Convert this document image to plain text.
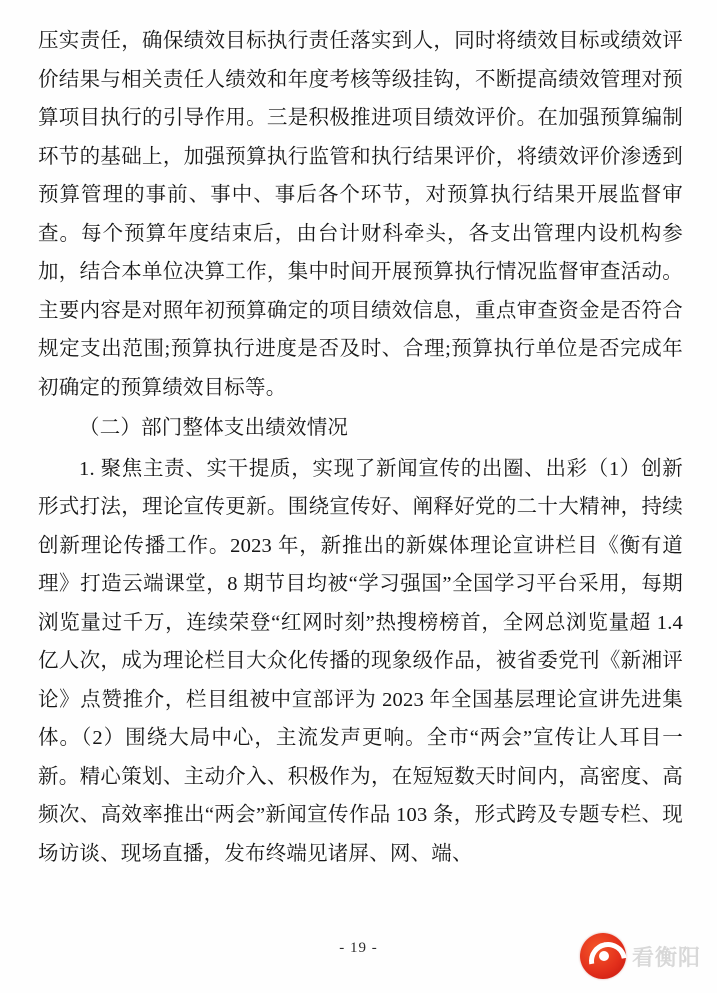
压实责任，确保绩效目标执行责任落实到人，同时将绩效目标或绩效评价结果与相关责任人绩效和年度考核等级挂钩，不断提高绩效管理对预算项目执行的引导作用。三是积极推进项目绩效评价。在加强预算编制环节的基础上，加强预算执行监管和执行结果评价，将绩效评价渗透到预算管理的事前、事中、事后各个环节，对预算执行结果开展监督审查。每个预算年度结束后，由台计财科牵头，各支出管理内设机构参加，结合本单位决算工作，集中时间开展预算执行情况监督审查活动。主要内容是对照年初预算确定的项目绩效信息，重点审查资金是否符合规定支出范围;预算执行进度是否及时、合理;预算执行单位是否完成年初确定的预算绩效目标等。

（二）部门整体支出绩效情况

1. 聚焦主责、实干提质，实现了新闻宣传的出圈、出彩（1）创新形式打法，理论宣传更新。围绕宣传好、阐释好党的二十大精神，持续创新理论传播工作。2023 年，新推出的新媒体理论宣讲栏目《衡有道理》打造云端课堂，8 期节目均被“学习强国”全国学习平台采用，每期浏览量过千万，连续荣登“红网时刻”热搜榜榜首，全网总浏览量超 1.4 亿人次，成为理论栏目大众化传播的现象级作品，被省委党刊《新湘评论》点赞推介，栏目组被中宣部评为 2023 年全国基层理论宣讲先进集体。（2）围绕大局中心，主流发声更响。全市“两会”宣传让人耳目一新。精心策划、主动介入、积极作为，在短短数天时间内，高密度、高频次、高效率推出“两会”新闻宣传作品 103 条，形式跨及专题专栏、现场访谈、现场直播，发布终端见诸屏、网、端、

- 19 -	看衡阳
